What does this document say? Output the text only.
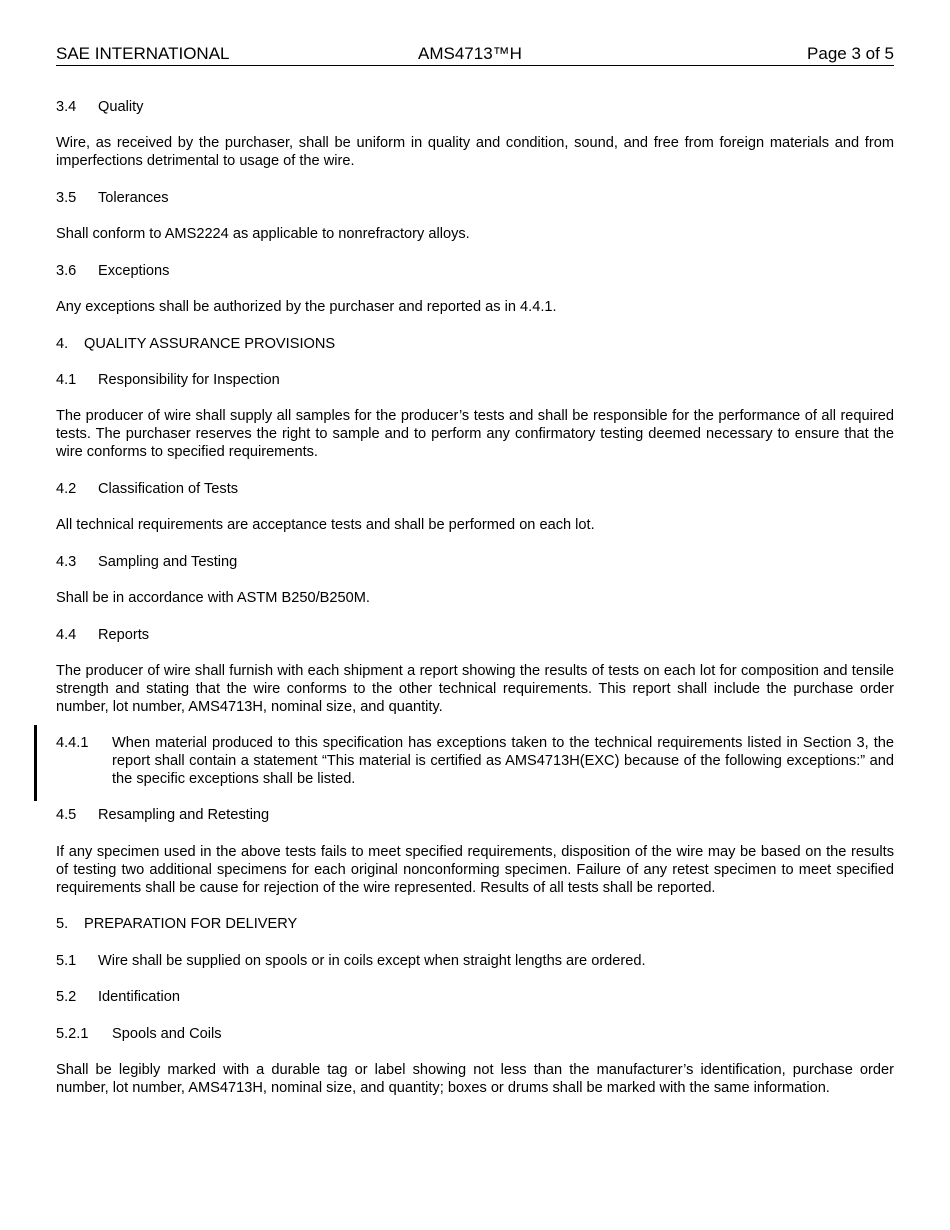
SAE INTERNATIONAL	AMS4713™H	Page 3 of 5
3.4 Quality
Wire, as received by the purchaser, shall be uniform in quality and condition, sound, and free from foreign materials and from imperfections detrimental to usage of the wire.
3.5 Tolerances
Shall conform to AMS2224 as applicable to nonrefractory alloys.
3.6 Exceptions
Any exceptions shall be authorized by the purchaser and reported as in 4.4.1.
4. QUALITY ASSURANCE PROVISIONS
4.1 Responsibility for Inspection
The producer of wire shall supply all samples for the producer’s tests and shall be responsible for the performance of all required tests. The purchaser reserves the right to sample and to perform any confirmatory testing deemed necessary to ensure that the wire conforms to specified requirements.
4.2 Classification of Tests
All technical requirements are acceptance tests and shall be performed on each lot.
4.3 Sampling and Testing
Shall be in accordance with ASTM B250/B250M.
4.4 Reports
The producer of wire shall furnish with each shipment a report showing the results of tests on each lot for composition and tensile strength and stating that the wire conforms to the other technical requirements. This report shall include the purchase order number, lot number, AMS4713H, nominal size, and quantity.
4.4.1 When material produced to this specification has exceptions taken to the technical requirements listed in Section 3, the report shall contain a statement “This material is certified as AMS4713H(EXC) because of the following exceptions:” and the specific exceptions shall be listed.
4.5 Resampling and Retesting
If any specimen used in the above tests fails to meet specified requirements, disposition of the wire may be based on the results of testing two additional specimens for each original nonconforming specimen. Failure of any retest specimen to meet specified requirements shall be cause for rejection of the wire represented. Results of all tests shall be reported.
5. PREPARATION FOR DELIVERY
5.1 Wire shall be supplied on spools or in coils except when straight lengths are ordered.
5.2 Identification
5.2.1 Spools and Coils
Shall be legibly marked with a durable tag or label showing not less than the manufacturer’s identification, purchase order number, lot number, AMS4713H, nominal size, and quantity; boxes or drums shall be marked with the same information.
